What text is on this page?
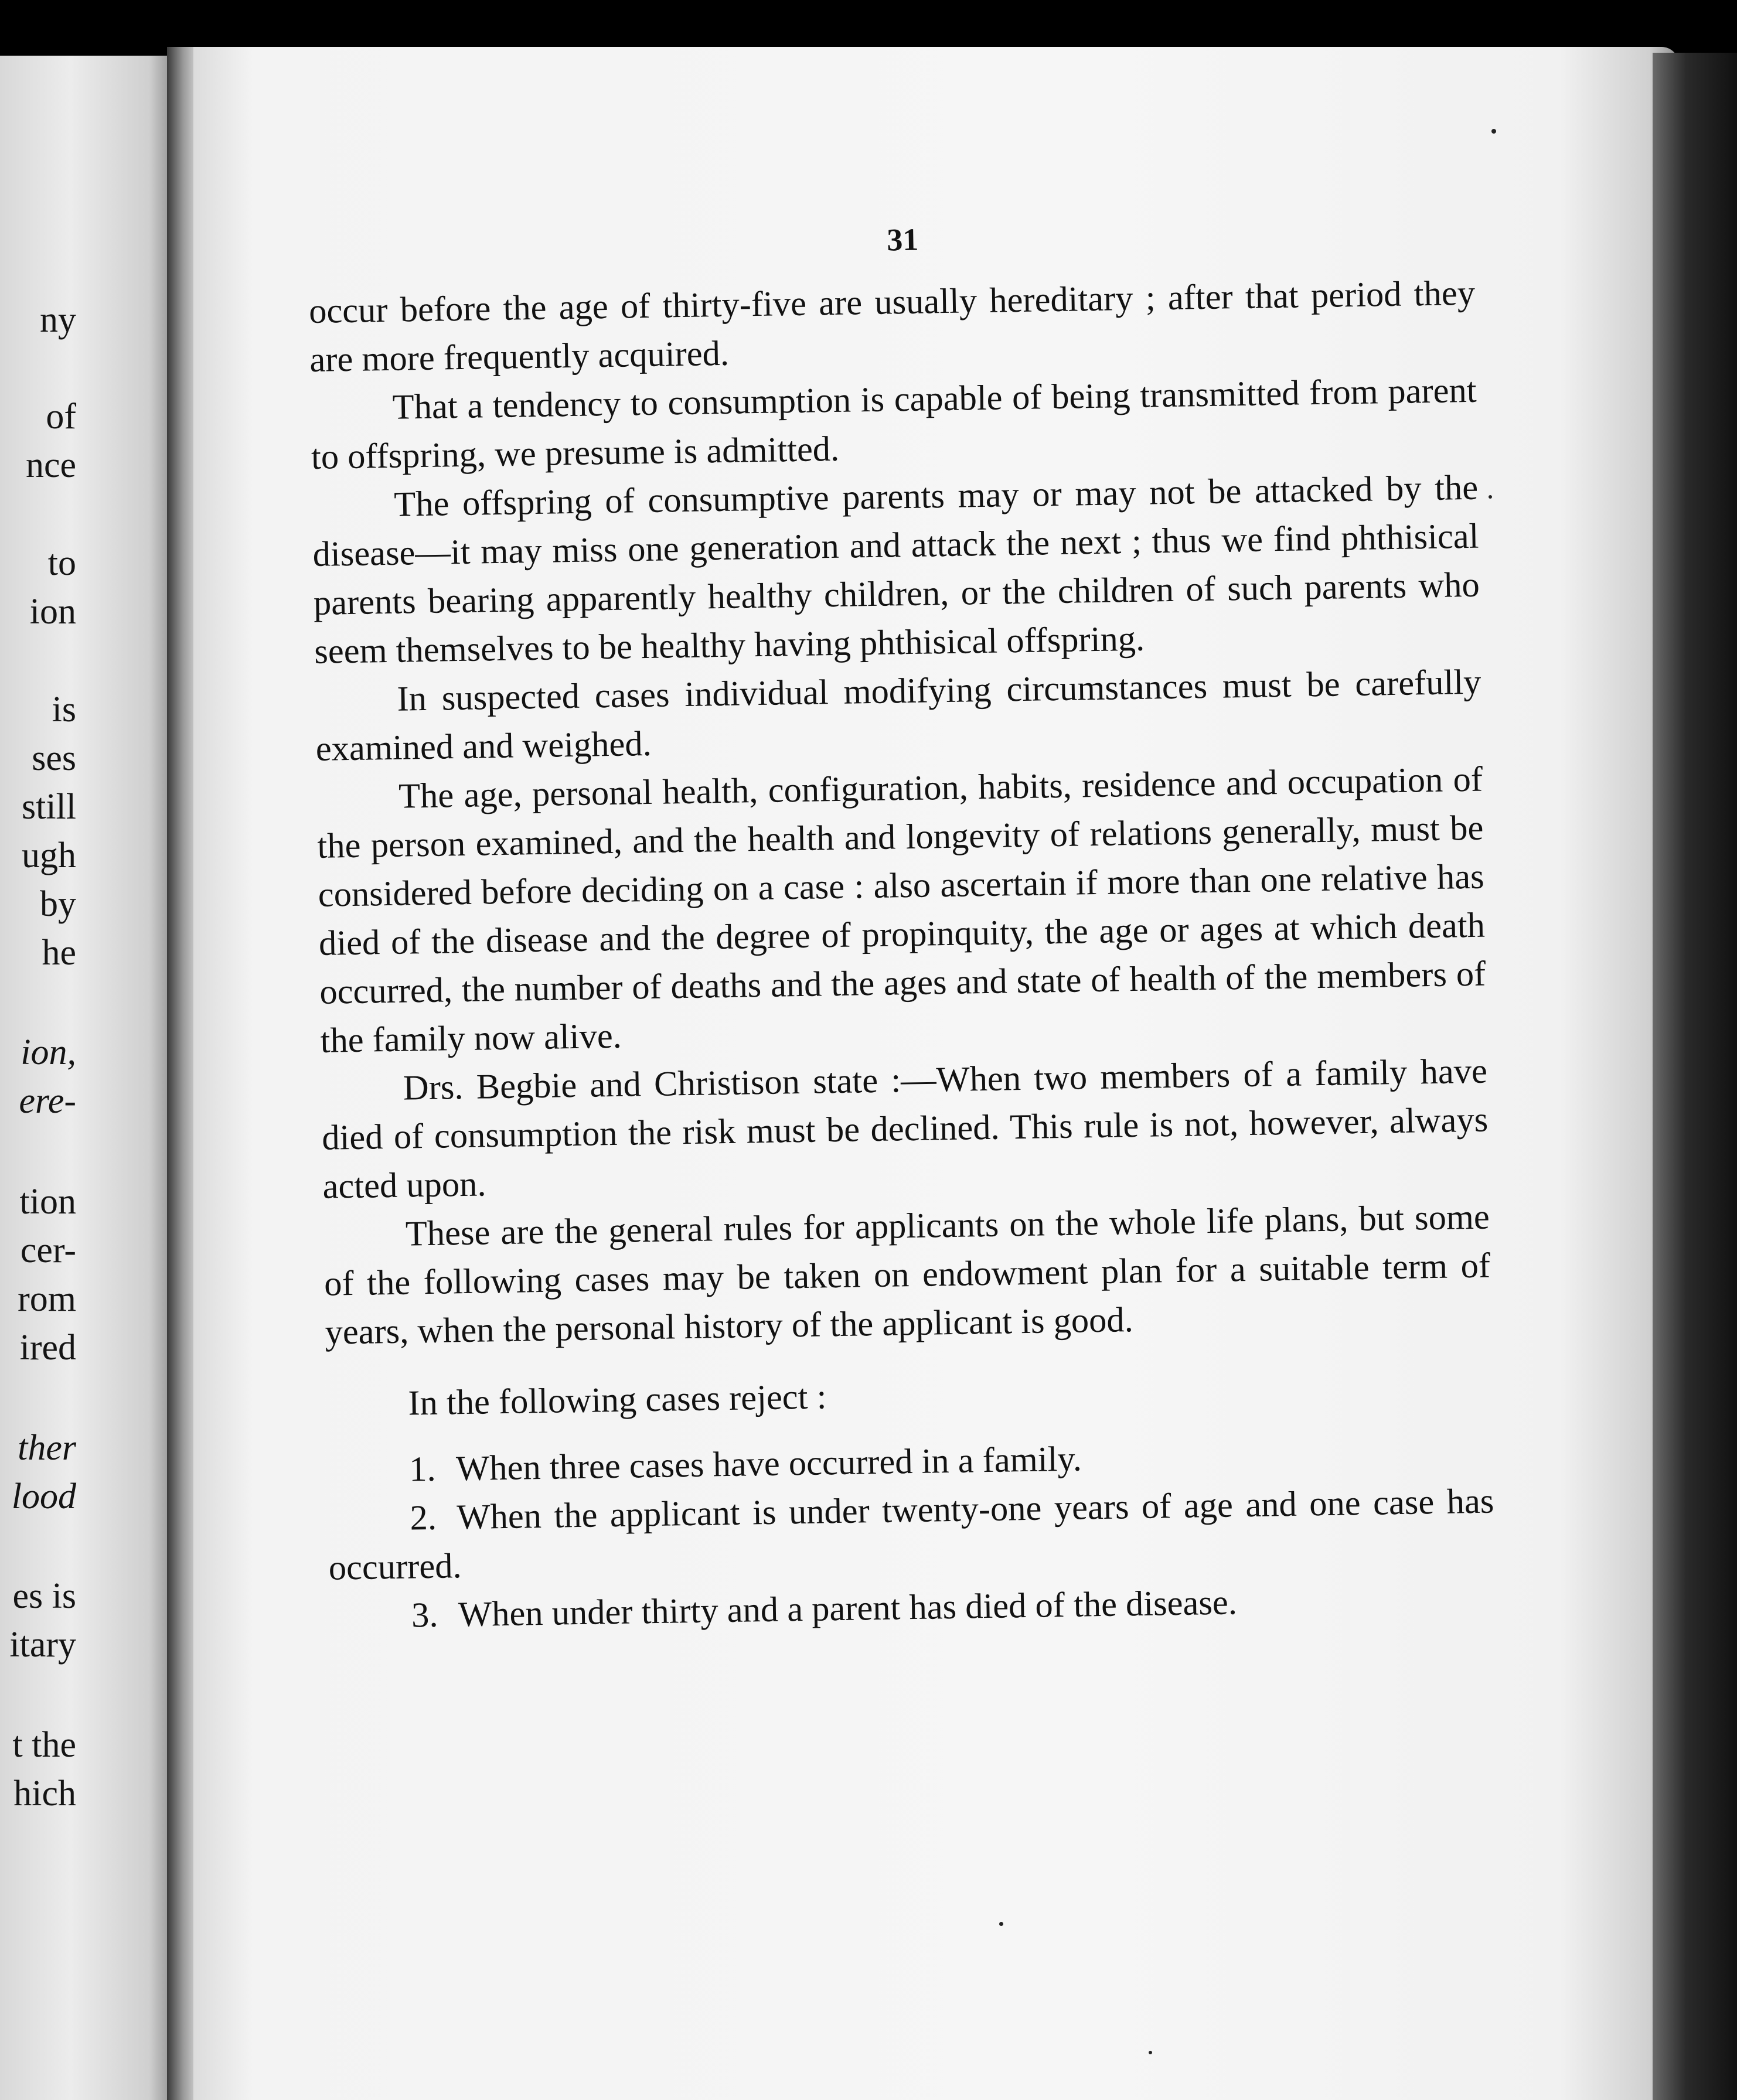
ny
of
nce
to
ion
is
ses
still
ugh
by
he
ion,
ere-
tion
cer-
rom
ired
ther
lood
es is
itary
t the
hich
31

occur before the age of thirty-five are usually hereditary ; after that period they are more frequently acquired.

That a tendency to consumption is capable of being transmitted from parent to offspring, we presume is admitted.

The offspring of consumptive parents may or may not be attacked by the disease—it may miss one generation and attack the next ; thus we find phthisical parents bearing apparently healthy children, or the children of such parents who seem themselves to be healthy having phthisical offspring.

In suspected cases individual modifying circumstances must be carefully examined and weighed.

The age, personal health, configuration, habits, residence and occupation of the person examined, and the health and longevity of relations generally, must be considered before deciding on a case : also ascertain if more than one relative has died of the disease and the degree of propinquity, the age or ages at which death occurred, the number of deaths and the ages and state of health of the members of the family now alive.

Drs. Begbie and Christison state :—When two members of a family have died of consumption the risk must be declined. This rule is not, however, always acted upon.

These are the general rules for applicants on the whole life plans, but some of the following cases may be taken on endowment plan for a suitable term of years, when the personal history of the applicant is good.

In the following cases reject :

1. When three cases have occurred in a family.

2. When the applicant is under twenty-one years of age and one case has occurred.

3. When under thirty and a parent has died of the disease.
